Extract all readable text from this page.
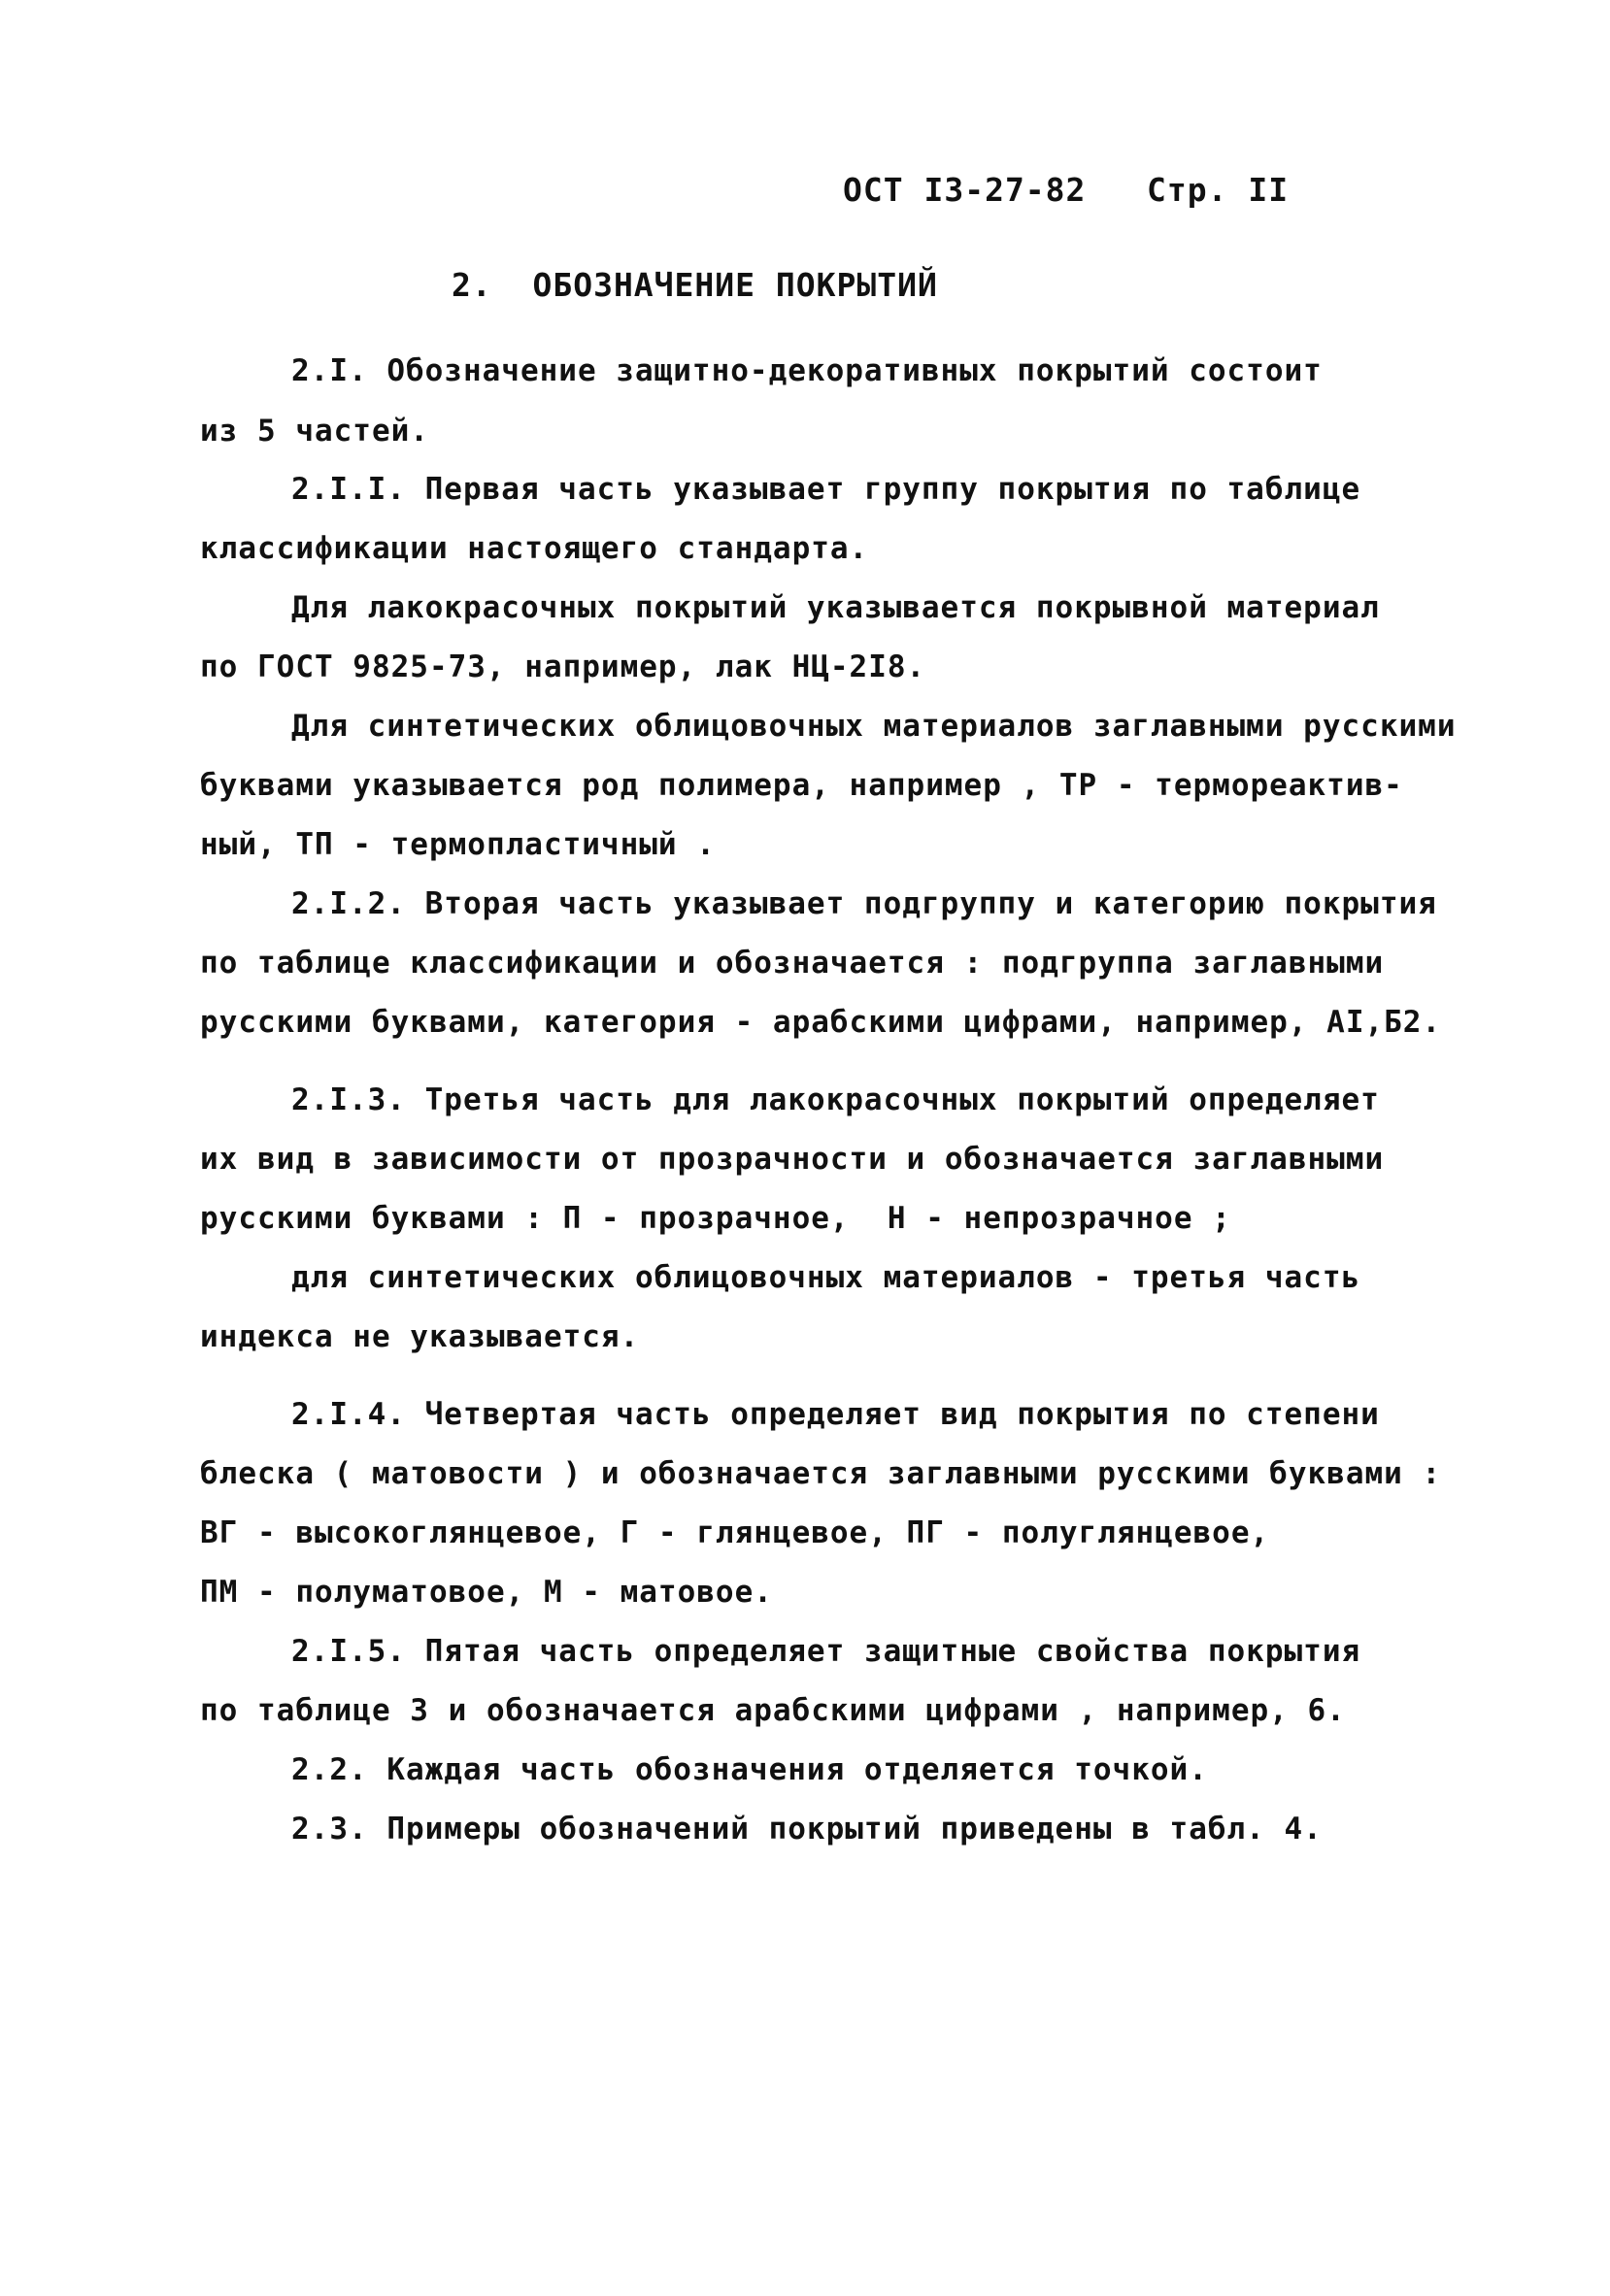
ОСТ I3-27-82 Стр. II
2.  ОБОЗНАЧЕНИЕ ПОКРЫТИЙ
2.I. Обозначение защитно-декоративных покрытий состоит
из 5 частей.
2.I.I. Первая часть указывает группу покрытия по таблице
классификации настоящего стандарта.
Для лакокрасочных покрытий указывается покрывной материал
по ГОСТ 9825-73, например, лак НЦ-2I8.
Для синтетических облицовочных материалов заглавными русскими
буквами указывается род полимера, например , ТР - термореактив-
ный, ТП - термопластичный .
2.I.2. Вторая часть указывает подгруппу и категорию покрытия
по таблице классификации и обозначается : подгруппа заглавными
русскими буквами, категория - арабскими цифрами, например, АI,Б2.
2.I.3. Третья часть для лакокрасочных покрытий определяет
их вид в зависимости от прозрачности и обозначается заглавными
русскими буквами : П - прозрачное,  Н - непрозрачное ;
для синтетических облицовочных материалов - третья часть
индекса не указывается.
2.I.4. Четвертая часть определяет вид покрытия по степени
блеска ( матовости ) и обозначается заглавными русскими буквами :
ВГ - высокоглянцевое, Г - глянцевое, ПГ - полуглянцевое,
ПМ - полуматовое, М - матовое.
2.I.5. Пятая часть определяет защитные свойства покрытия
по таблице 3 и обозначается арабскими цифрами , например, 6.
2.2. Каждая часть обозначения отделяется точкой.
2.3. Примеры обозначений покрытий приведены в табл. 4.
